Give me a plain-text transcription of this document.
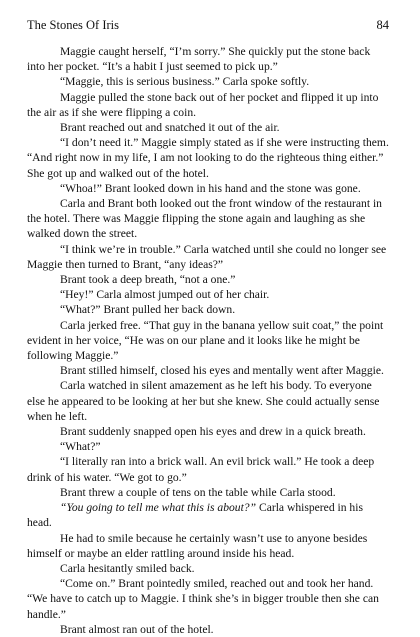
The Stones Of Iris	84

Maggie caught herself, “I’m sorry.” She quickly put the stone back into her pocket. “It’s a habit I just seemed to pick up.”

“Maggie, this is serious business.” Carla spoke softly.

Maggie pulled the stone back out of her pocket and flipped it up into the air as if she were flipping a coin.

Brant reached out and snatched it out of the air.

“I don’t need it.” Maggie simply stated as if she were instructing them. “And right now in my life, I am not looking to do the righteous thing either.” She got up and walked out of the hotel.

“Whoa!” Brant looked down in his hand and the stone was gone.

Carla and Brant both looked out the front window of the restaurant in the hotel. There was Maggie flipping the stone again and laughing as she walked down the street.

“I think we’re in trouble.” Carla watched until she could no longer see Maggie then turned to Brant, “any ideas?”

Brant took a deep breath, “not a one.”

“Hey!” Carla almost jumped out of her chair.

“What?” Brant pulled her back down.

Carla jerked free. “That guy in the banana yellow suit coat,” the point evident in her voice, “He was on our plane and it looks like he might be following Maggie.”

Brant stilled himself, closed his eyes and mentally went after Maggie.

Carla watched in silent amazement as he left his body. To everyone else he appeared to be looking at her but she knew. She could actually sense when he left.

Brant suddenly snapped open his eyes and drew in a quick breath.

“What?”

“I literally ran into a brick wall. An evil brick wall.” He took a deep drink of his water. “We got to go.”

Brant threw a couple of tens on the table while Carla stood.

“You going to tell me what this is about?” Carla whispered in his head.

He had to smile because he certainly wasn’t use to anyone besides himself or maybe an elder rattling around inside his head.

Carla hesitantly smiled back.

“Come on.” Brant pointedly smiled, reached out and took her hand. “We have to catch up to Maggie. I think she’s in bigger trouble then she can handle.”

Brant almost ran out of the hotel.
